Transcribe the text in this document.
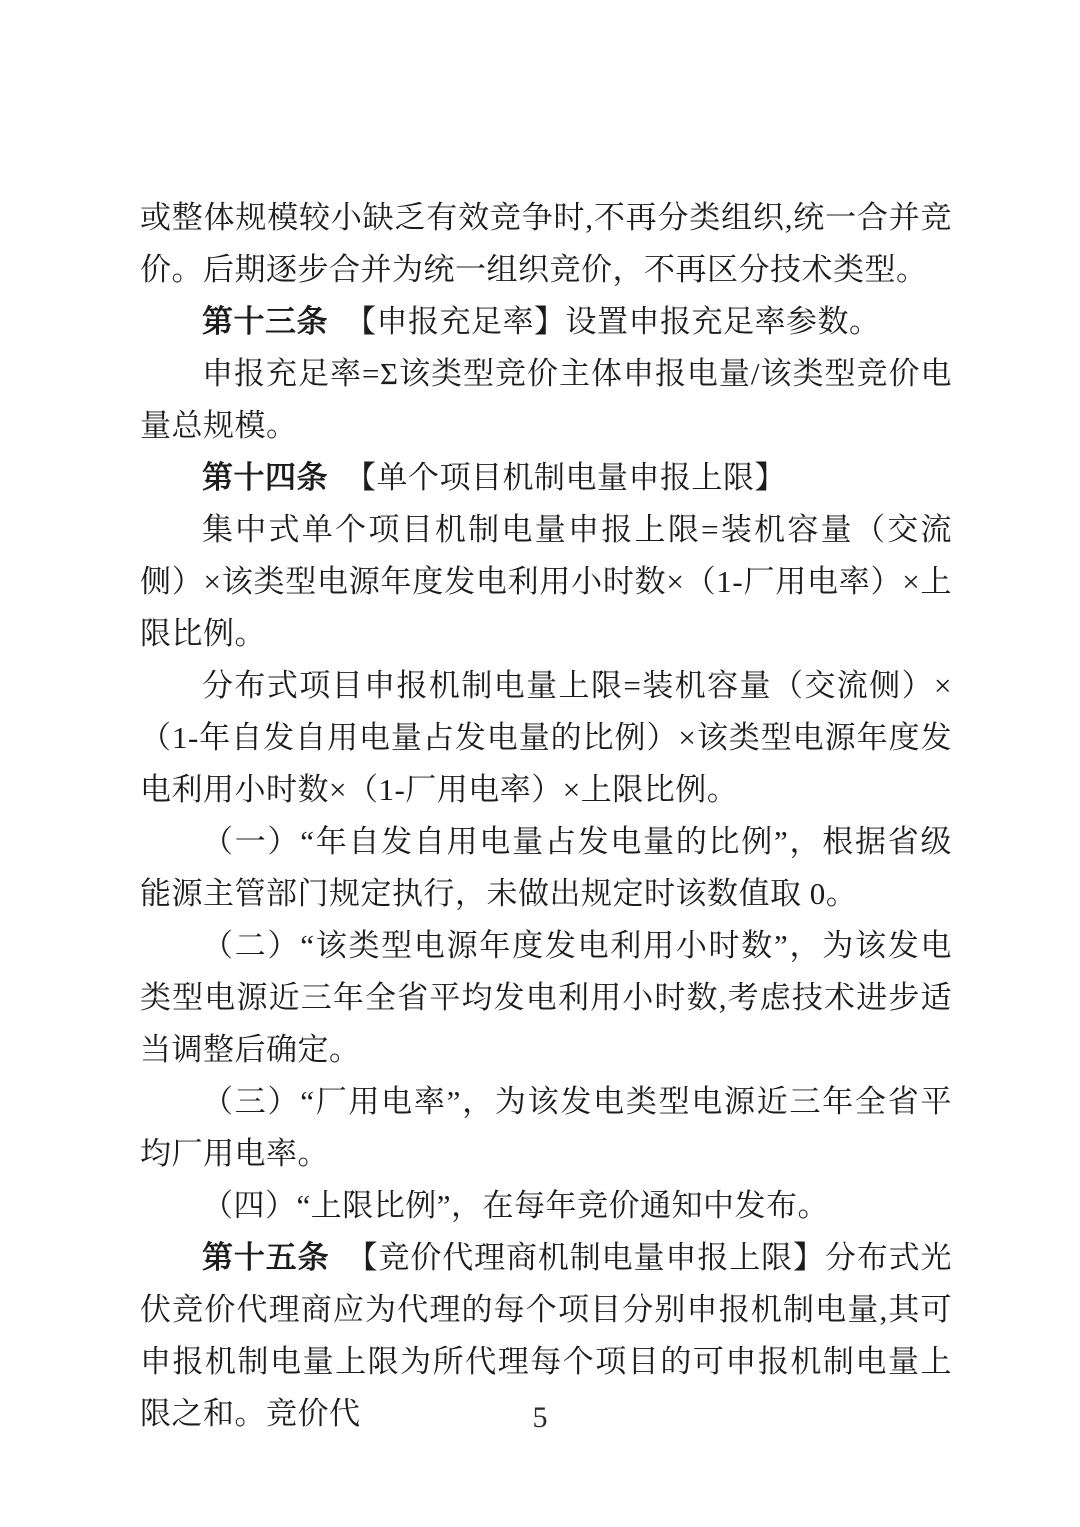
或整体规模较小缺乏有效竞争时,不再分类组织,统一合并竞价。后期逐步合并为统一组织竞价，不再区分技术类型。

第十三条 【申报充足率】设置申报充足率参数。

申报充足率=Σ该类型竞价主体申报电量/该类型竞价电量总规模。

第十四条 【单个项目机制电量申报上限】

集中式单个项目机制电量申报上限=装机容量（交流侧）×该类型电源年度发电利用小时数×（1-厂用电率）×上限比例。

分布式项目申报机制电量上限=装机容量（交流侧）×（1-年自发自用电量占发电量的比例）×该类型电源年度发电利用小时数×（1-厂用电率）×上限比例。

（一）“年自发自用电量占发电量的比例”，根据省级能源主管部门规定执行，未做出规定时该数值取 0。

（二）“该类型电源年度发电利用小时数”，为该发电类型电源近三年全省平均发电利用小时数,考虑技术进步适当调整后确定。

（三）“厂用电率”，为该发电类型电源近三年全省平均厂用电率。

（四）“上限比例”，在每年竞价通知中发布。

第十五条 【竞价代理商机制电量申报上限】分布式光伏竞价代理商应为代理的每个项目分别申报机制电量,其可申报机制电量上限为所代理每个项目的可申报机制电量上限之和。竞价代	5
